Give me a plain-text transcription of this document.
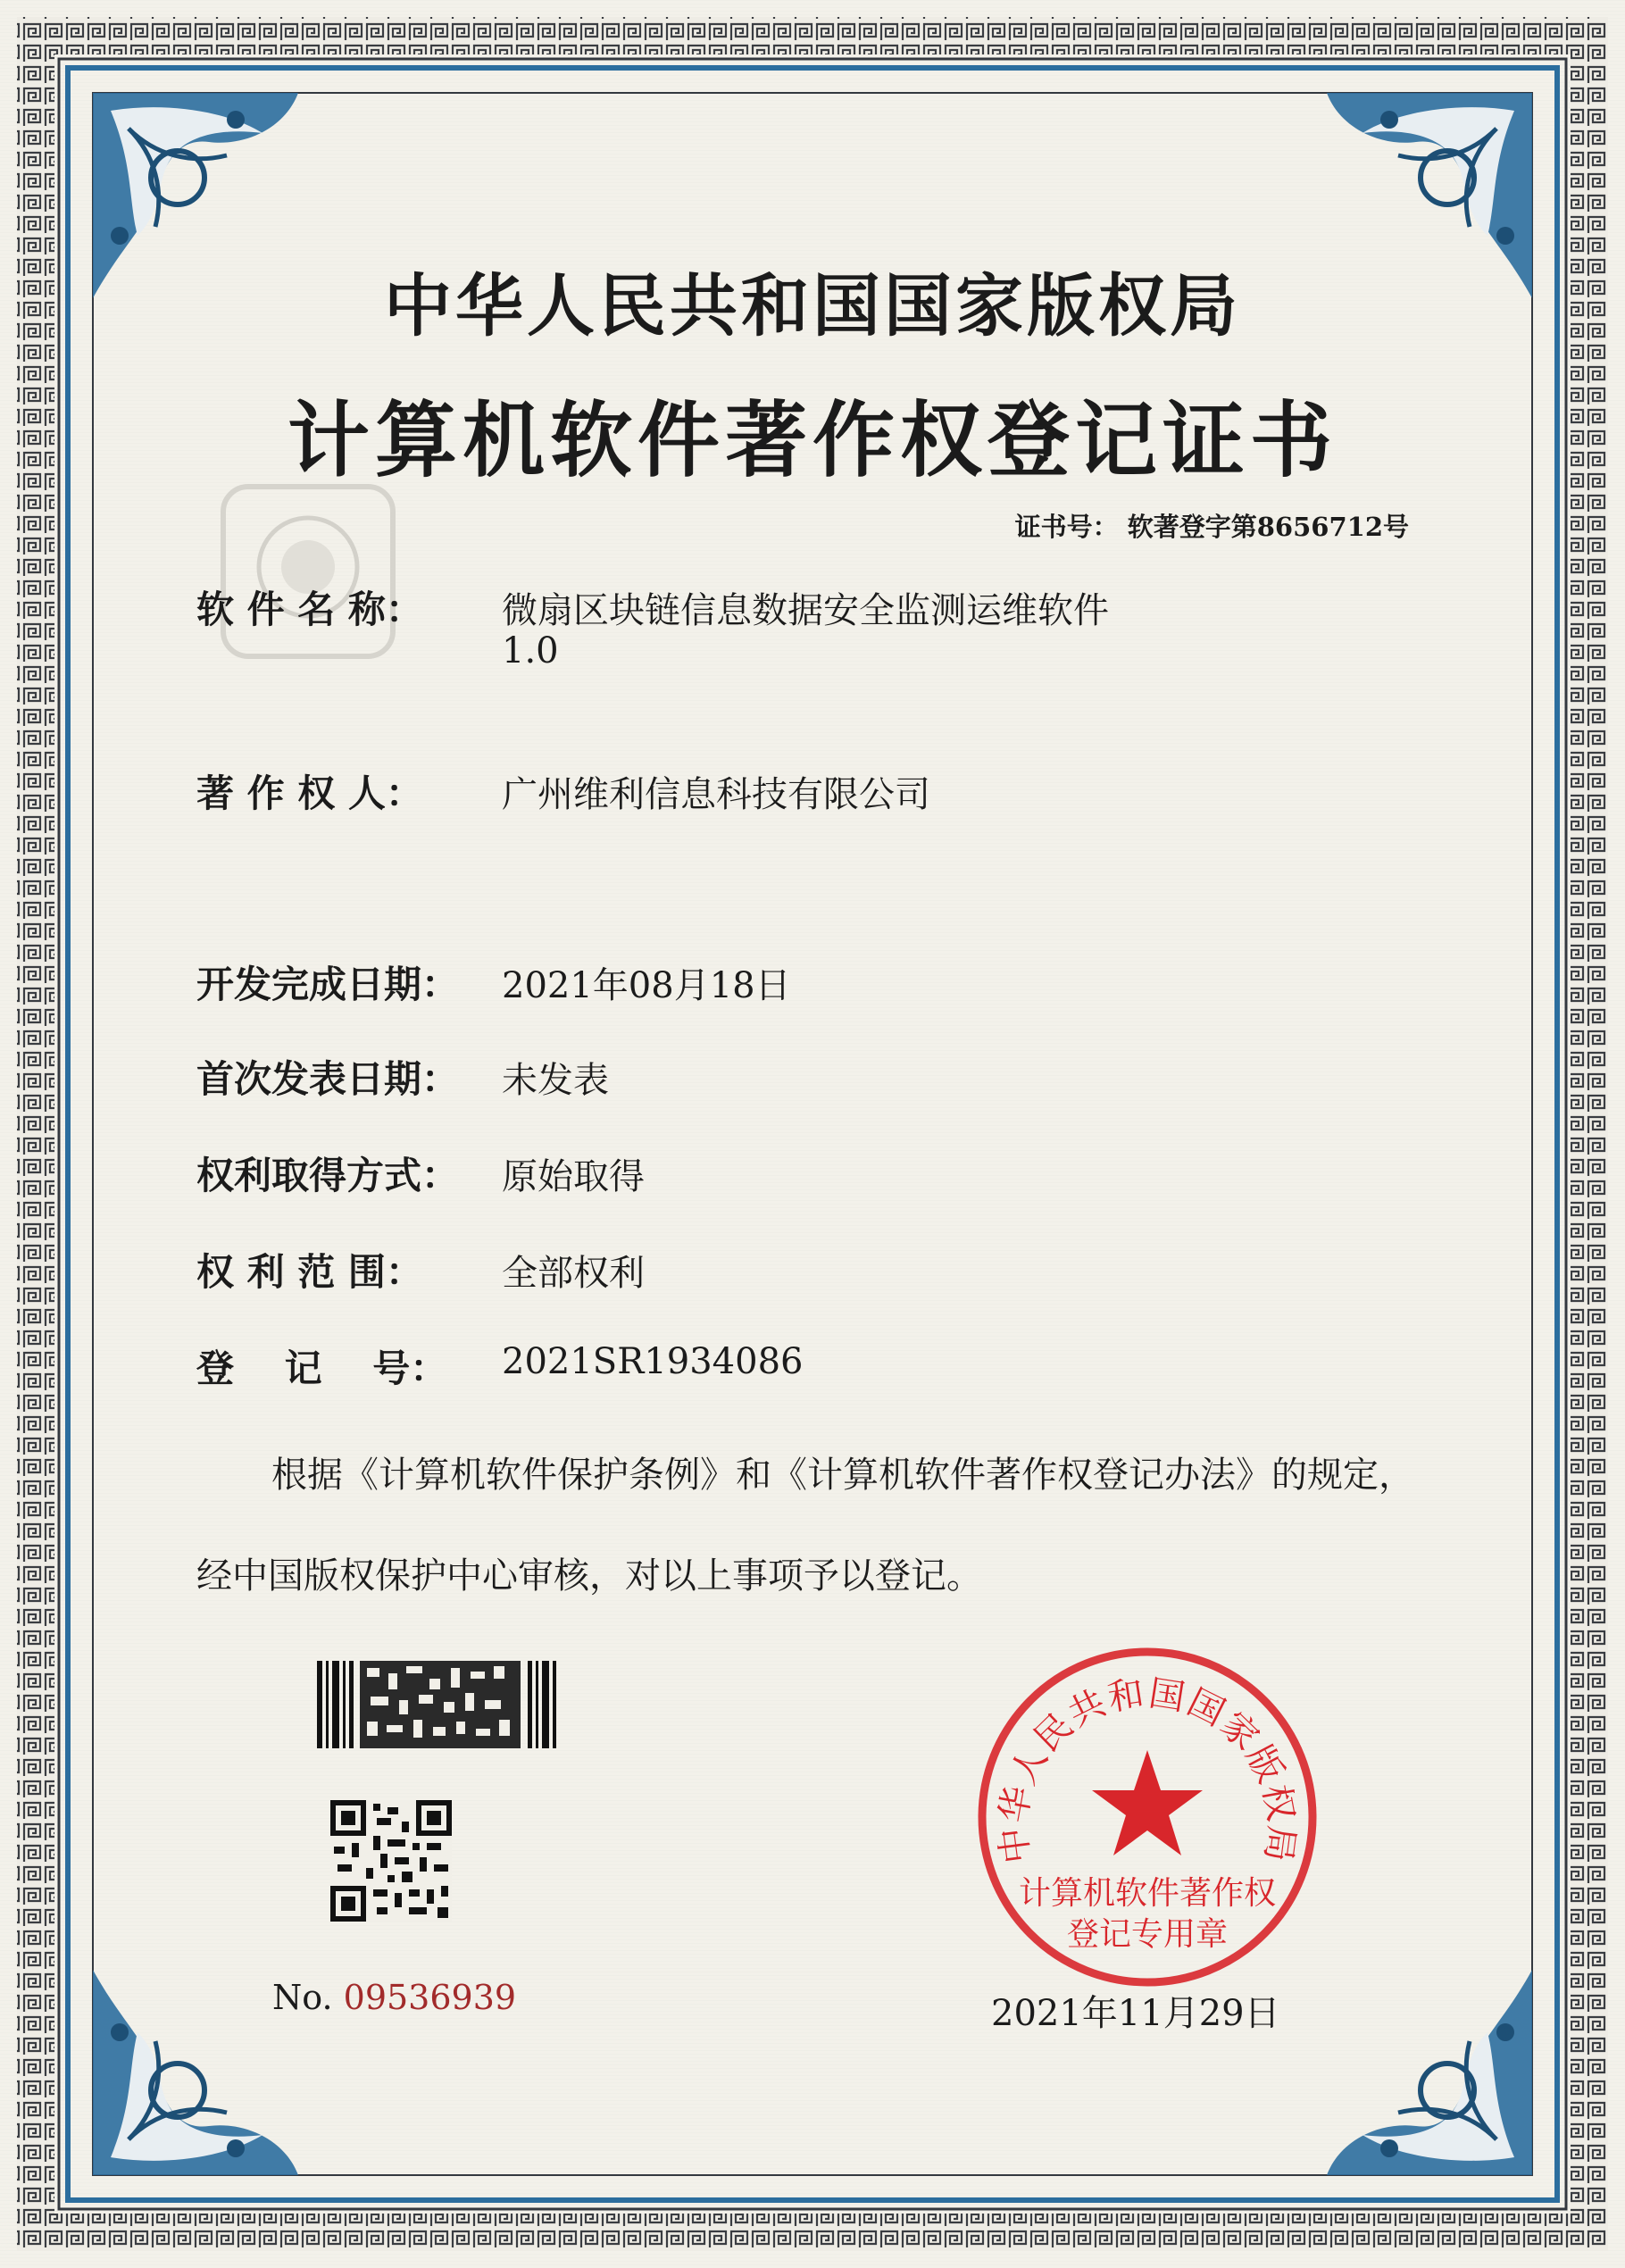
中华人民共和国国家版权局
计算机软件著作权登记证书
证书号： 软著登字第8656712号
软 件 名 称： 微扇区块链信息数据安全监测运维软件
1.0
著 作 权 人： 广州维利信息科技有限公司
开发完成日期： 2021年08月18日
首次发表日期： 未发表
权利取得方式： 原始取得
权 利 范 围： 全部权利
登　 记　 号： 2021SR1934086
根据《计算机软件保护条例》和《计算机软件著作权登记办法》的规定，经中国版权保护中心审核，对以上事项予以登记。
No. 09536939
中华人民共和国国家版权局
计算机软件著作权
登记专用章
2021年11月29日
